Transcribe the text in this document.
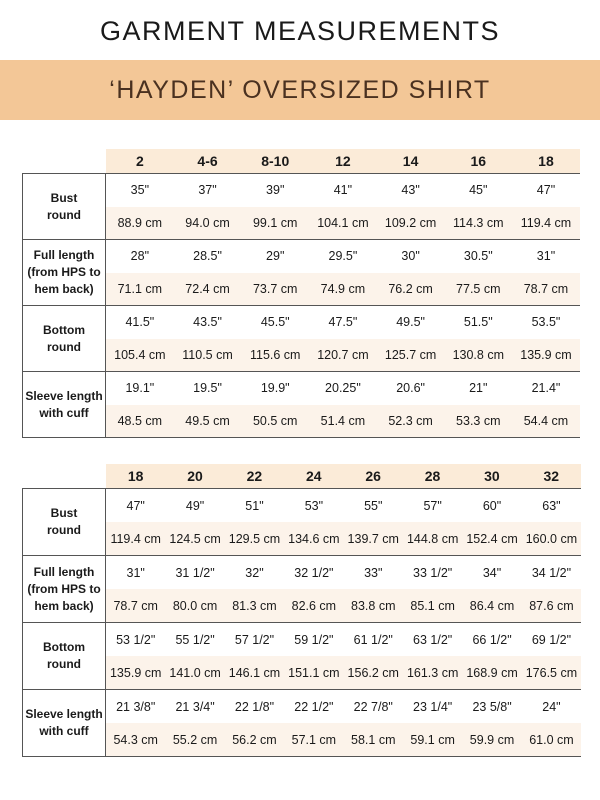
GARMENT MEASUREMENTS
‘HAYDEN’ OVERSIZED SHIRT
2	4-6	8-10	12	14	16	18
Bust
round
35"	37"	39"	41"	43"	45"	47"
88.9 cm	94.0 cm	99.1 cm	104.1 cm	109.2 cm	114.3 cm	119.4 cm
Full length
(from HPS to
hem back)
28"	28.5"	29"	29.5"	30"	30.5"	31"
71.1 cm	72.4 cm	73.7 cm	74.9 cm	76.2 cm	77.5 cm	78.7 cm
Bottom
round
41.5"	43.5"	45.5"	47.5"	49.5"	51.5"	53.5"
105.4 cm	110.5 cm	115.6 cm	120.7 cm	125.7 cm	130.8 cm	135.9 cm
Sleeve length
with cuff
19.1"	19.5"	19.9"	20.25"	20.6"	21"	21.4"
48.5 cm	49.5 cm	50.5 cm	51.4 cm	52.3 cm	53.3 cm	54.4 cm
18	20	22	24	26	28	30	32
Bust
round
47"	49"	51"	53"	55"	57"	60"	63"
119.4 cm 124.5 cm 129.5 cm 134.6 cm 139.7 cm 144.8 cm 152.4 cm 160.0 cm
Full length
(from HPS to
hem back)
31"	31 1/2"	32"	32 1/2"	33"	33 1/2"	34"	34 1/2"
78.7 cm	80.0 cm	81.3 cm	82.6 cm	83.8 cm	85.1 cm	86.4 cm	87.6 cm
Bottom
round
53 1/2"	55 1/2"	57 1/2"	59 1/2"	61 1/2"	63 1/2"	66 1/2"	69 1/2"
135.9 cm 141.0 cm 146.1 cm 151.1 cm 156.2 cm 161.3 cm 168.9 cm 176.5 cm
Sleeve length
with cuff
21 3/8"	21 3/4"	22 1/8"	22 1/2"	22 7/8"	23 1/4"	23 5/8"	24"
54.3 cm	55.2 cm	56.2 cm	57.1 cm	58.1 cm	59.1 cm	59.9 cm	61.0 cm
